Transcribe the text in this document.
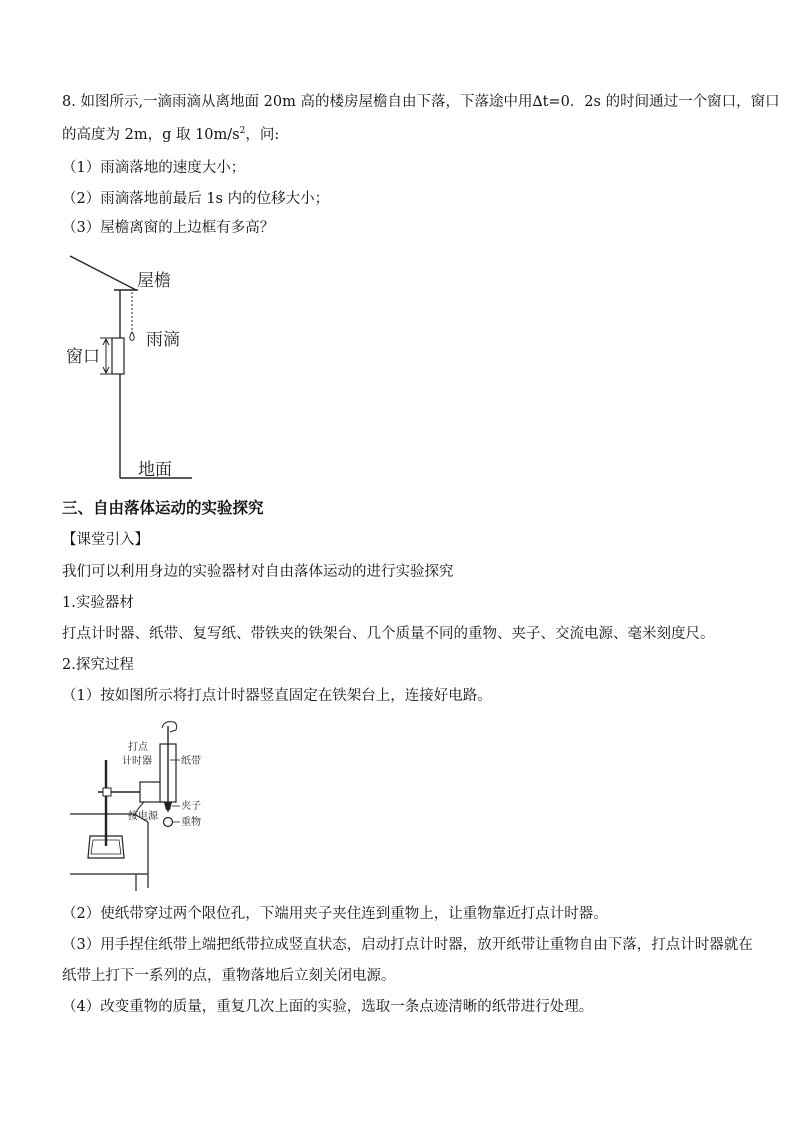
8. 如图所示,一滴雨滴从离地面 20m 高的楼房屋檐自由下落，下落途中用∆t=0．2s 的时间通过一个窗口，窗口
的高度为 2m，g 取 $10m/s^2$，问:
（1）雨滴落地的速度大小；
（2）雨滴落地前最后 1s 内的位移大小；
（3）屋檐离窗的上边框有多高？
屋檐
雨滴
窗口
地面
三、自由落体运动的实验探究
【课堂引入】
我们可以利用身边的实验器材对自由落体运动的进行实验探究
1.实验器材
打点计时器、纸带、复写纸、带铁夹的铁架台、几个质量不同的重物、夹子、交流电源、毫米刻度尺。
2.探究过程
（1）按如图所示将打点计时器竖直固定在铁架台上，连接好电路。
打点
计时器	纸带
夹子
接电源
重物
（2）使纸带穿过两个限位孔，下端用夹子夹住连到重物上，让重物靠近打点计时器。
（3）用手捏住纸带上端把纸带拉成竖直状态，启动打点计时器，放开纸带让重物自由下落，打点计时器就在
纸带上打下一系列的点，重物落地后立刻关闭电源。
（4）改变重物的质量，重复几次上面的实验，选取一条点迹清晰的纸带进行处理。
